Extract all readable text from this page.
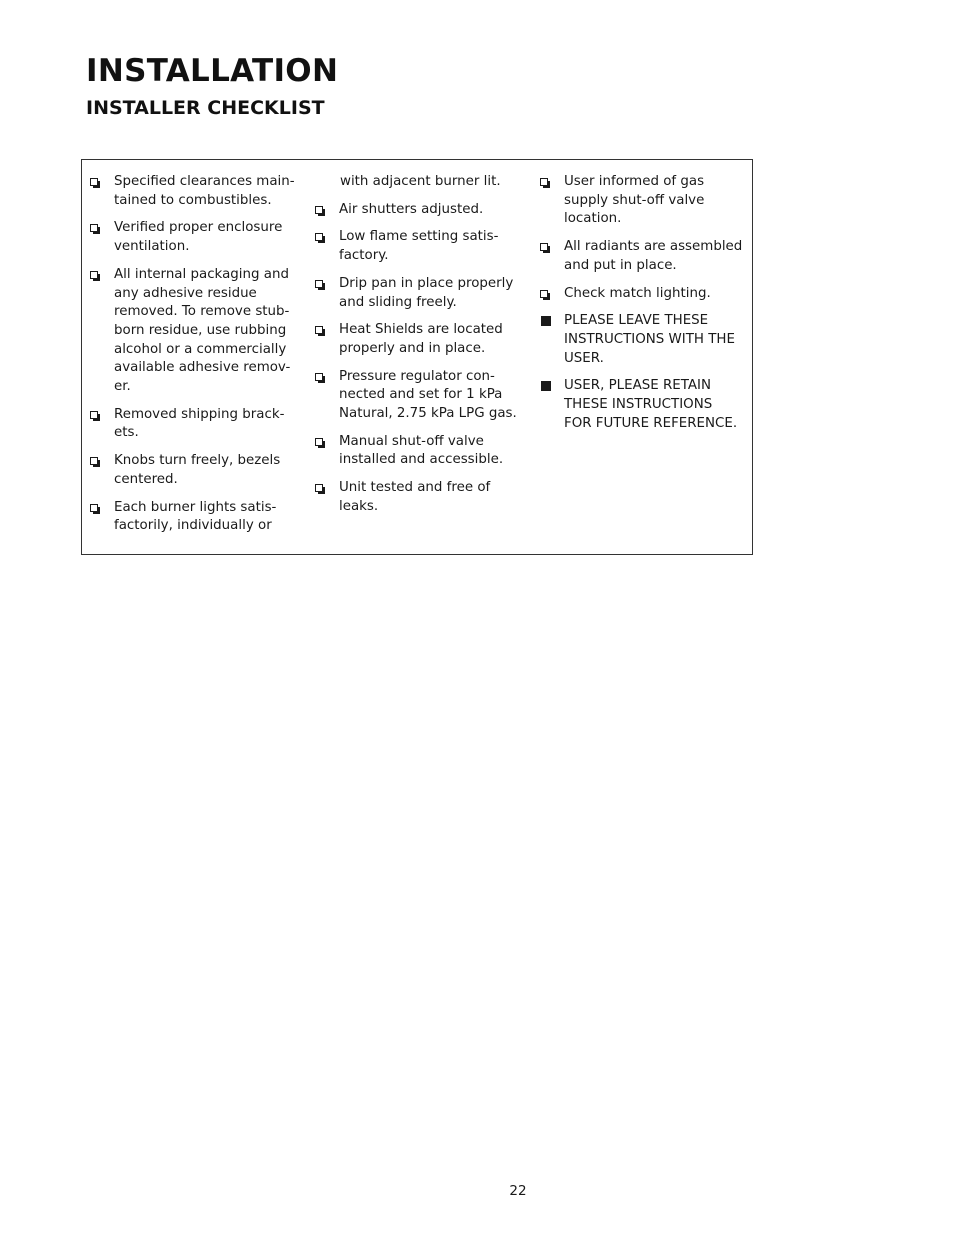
INSTALLATION
INSTALLER CHECKLIST
Specified clearances main-
tained to combustibles.
Verified proper enclosure
ventilation.
All internal packaging and
any adhesive residue
removed. To remove stub-
born residue, use rubbing
alcohol or a commercially
available adhesive remov-
er.
Removed shipping brack-
ets.
Knobs turn freely, bezels
centered.
Each burner lights satis-
factorily, individually or
with adjacent burner lit.
Air shutters adjusted.
Low flame setting satis-
factory.
Drip pan in place properly
and sliding freely.
Heat Shields are located
properly and in place.
Pressure regulator con-
nected and set for 1 kPa
Natural, 2.75 kPa LPG gas.
Manual shut-off valve
installed and accessible.
Unit tested and free of
leaks.
User informed of gas
supply shut-off valve
location.
All radiants are assembled
and put in place.
Check match lighting.
PLEASE LEAVE THESE
INSTRUCTIONS WITH THE
USER.
USER, PLEASE RETAIN
THESE INSTRUCTIONS
FOR FUTURE REFERENCE.
22
